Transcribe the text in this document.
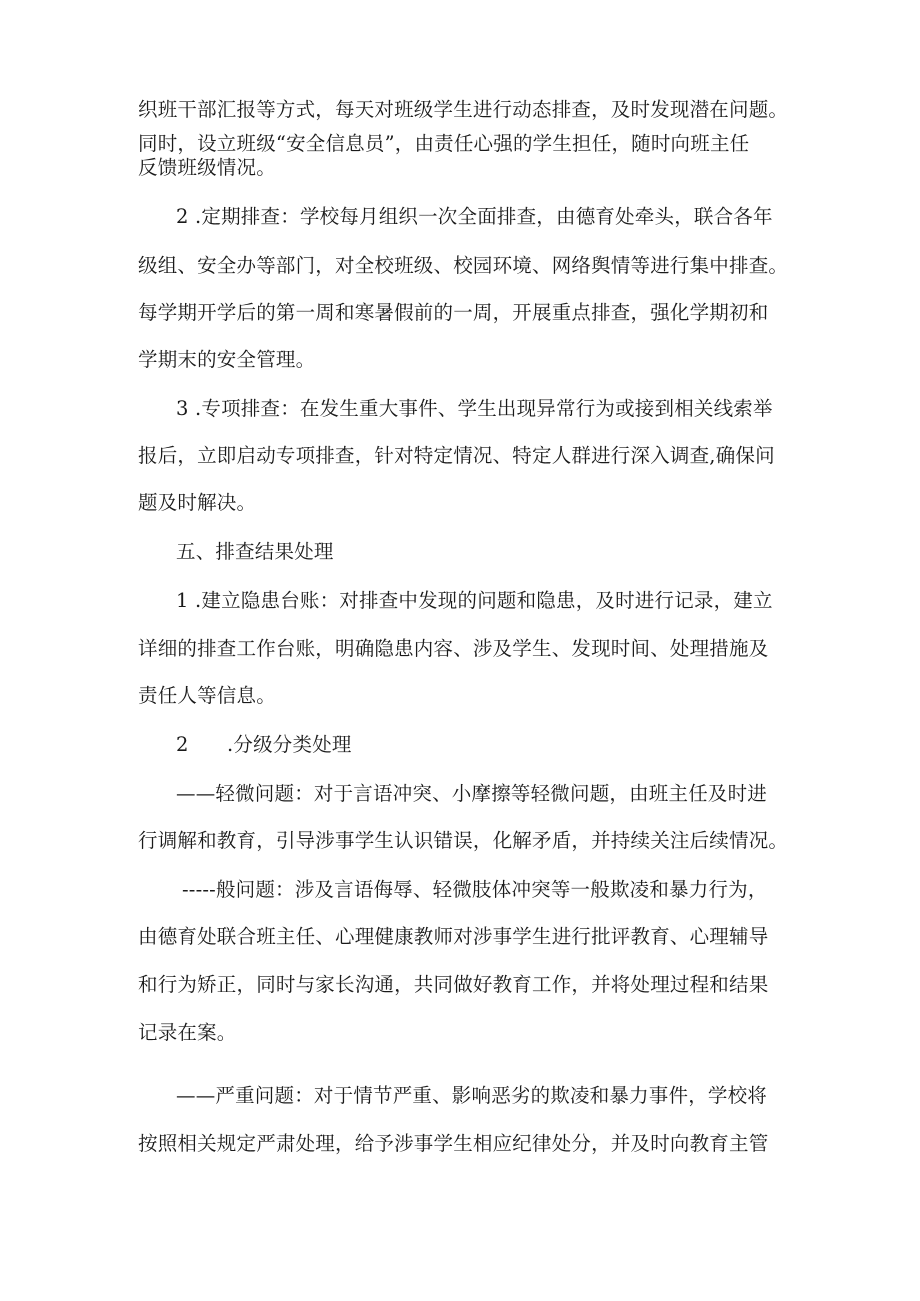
织班干部汇报等方式，每天对班级学生进行动态排查，及时发现潜在问题。
同时，设立班级“安全信息员”，由责任心强的学生担任，随时向班主任
反馈班级情况。
2 .定期排查：学校每月组织一次全面排查，由德育处牵头，联合各年
级组、安全办等部门，对全校班级、校园环境、网络舆情等进行集中排查。
每学期开学后的第一周和寒暑假前的一周，开展重点排查，强化学期初和
学期末的安全管理。
3 .专项排查：在发生重大事件、学生出现异常行为或接到相关线索举
报后，立即启动专项排查，针对特定情况、特定人群进行深入调查,确保问
题及时解决。
五、排查结果处理
1 .建立隐患台账：对排查中发现的问题和隐患，及时进行记录，建立
详细的排查工作台账，明确隐患内容、涉及学生、发现时间、处理措施及
责任人等信息。
2      .分级分类处理
——轻微问题：对于言语冲突、小摩擦等轻微问题，由班主任及时进
行调解和教育，引导涉事学生认识错误，化解矛盾，并持续关注后续情况。
-----般问题：涉及言语侮辱、轻微肢体冲突等一般欺凌和暴力行为，
由德育处联合班主任、心理健康教师对涉事学生进行批评教育、心理辅导
和行为矫正，同时与家长沟通，共同做好教育工作，并将处理过程和结果
记录在案。
——严重问题：对于情节严重、影响恶劣的欺凌和暴力事件，学校将
按照相关规定严肃处理，给予涉事学生相应纪律处分，并及时向教育主管
